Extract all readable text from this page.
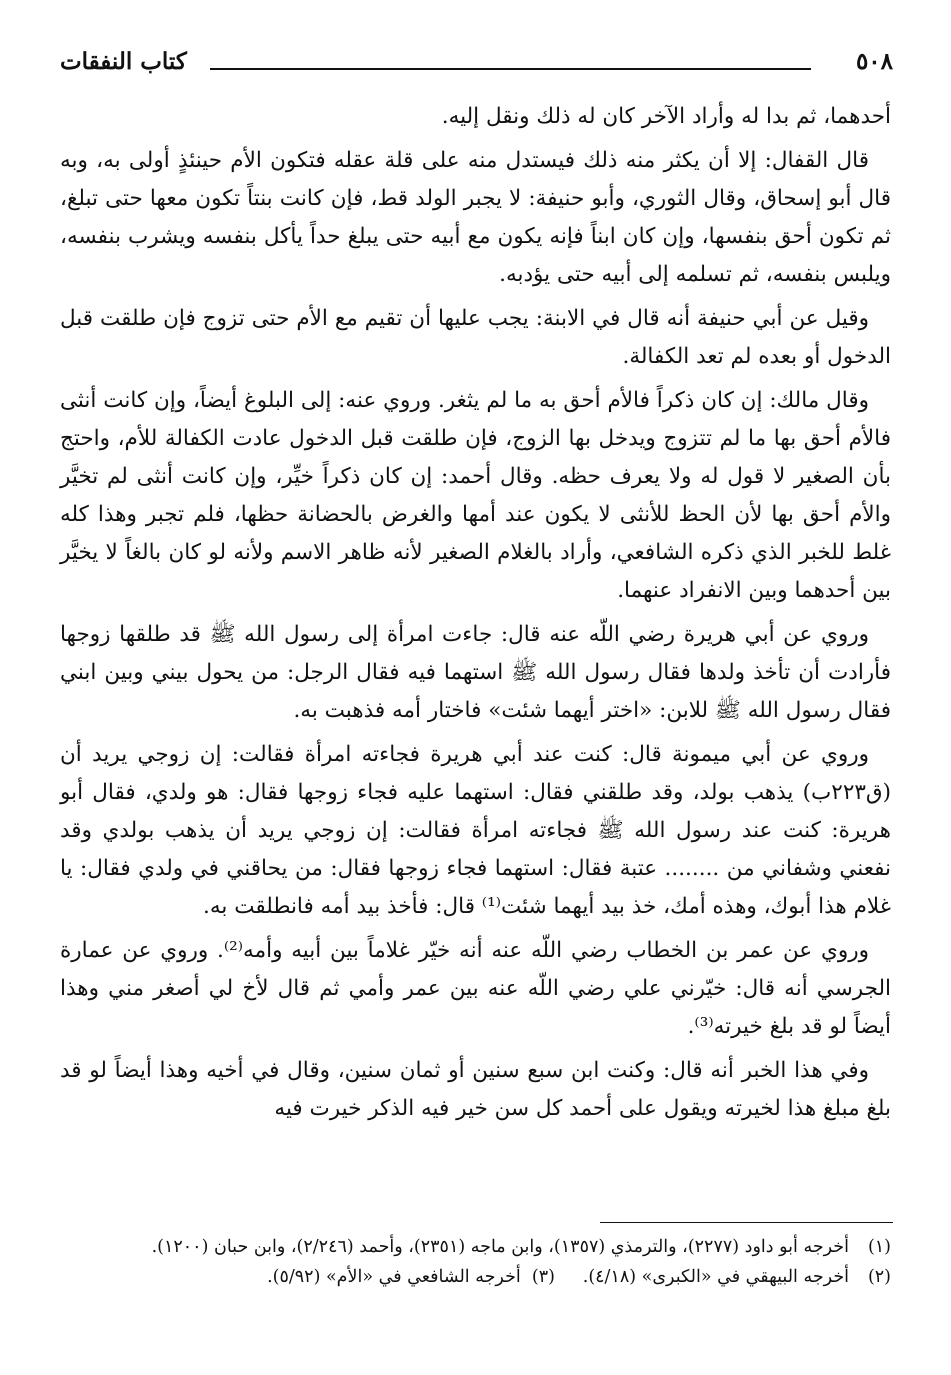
٥٠٨
كتاب النفقات

أحدهما، ثم بدا له وأراد الآخر كان له ذلك ونقل إليه.

قال القفال: إلا أن يكثر منه ذلك فيستدل منه على قلة عقله فتكون الأم حينئذٍ أولى به، وبه قال أبو إسحاق، وقال الثوري، وأبو حنيفة: لا يجبر الولد قط، فإن كانت بنتاً تكون معها حتى تبلغ، ثم تكون أحق بنفسها، وإن كان ابناً فإنه يكون مع أبيه حتى يبلغ حداً يأكل بنفسه ويشرب بنفسه، ويلبس بنفسه، ثم تسلمه إلى أبيه حتى يؤدبه.

وقيل عن أبي حنيفة أنه قال في الابنة: يجب عليها أن تقيم مع الأم حتى تزوج فإن طلقت قبل الدخول أو بعده لم تعد الكفالة.

وقال مالك: إن كان ذكراً فالأم أحق به ما لم يثغر. وروي عنه: إلى البلوغ أيضاً، وإن كانت أنثى فالأم أحق بها ما لم تتزوج ويدخل بها الزوج، فإن طلقت قبل الدخول عادت الكفالة للأم، واحتج بأن الصغير لا قول له ولا يعرف حظه. وقال أحمد: إن كان ذكراً خيِّر، وإن كانت أنثى لم تخيَّر والأم أحق بها لأن الحظ للأنثى لا يكون عند أمها والغرض بالحضانة حظها، فلم تجبر وهذا كله غلط للخبر الذي ذكره الشافعي، وأراد بالغلام الصغير لأنه ظاهر الاسم ولأنه لو كان بالغاً لا يخيَّر بين أحدهما وبين الانفراد عنهما.

وروي عن أبي هريرة رضي اللّه عنه قال: جاءت امرأة إلى رسول الله ﷺ قد طلقها زوجها فأرادت أن تأخذ ولدها فقال رسول الله ﷺ استهما فيه فقال الرجل: من يحول بيني وبين ابني فقال رسول الله ﷺ للابن: «اختر أيهما شئت» فاختار أمه فذهبت به.

وروي عن أبي ميمونة قال: كنت عند أبي هريرة فجاءته امرأة فقالت: إن زوجي يريد أن (ق٢٢٣ب) يذهب بولد، وقد طلقني فقال: استهما عليه فجاء زوجها فقال: هو ولدي، فقال أبو هريرة: كنت عند رسول الله ﷺ فجاءته امرأة فقالت: إن زوجي يريد أن يذهب بولدي وقد نفعني وشفاني من ........ عتبة فقال: استهما فجاء زوجها فقال: من يحاقني في ولدي فقال: يا غلام هذا أبوك، وهذه أمك، خذ بيد أيهما شئت⁽¹⁾ قال: فأخذ بيد أمه فانطلقت به.

وروي عن عمر بن الخطاب رضي اللّه عنه أنه خيّر غلاماً بين أبيه وأمه⁽²⁾. وروي عن عمارة الجرسي أنه قال: خيّرني علي رضي اللّه عنه بين عمر وأمي ثم قال لأخ لي أصغر مني وهذا أيضاً لو قد بلغ خيرته⁽³⁾.

وفي هذا الخبر أنه قال: وكنت ابن سبع سنين أو ثمان سنين، وقال في أخيه وهذا أيضاً لو قد بلغ مبلغ هذا لخيرته ويقول على أحمد كل سن خير فيه الذكر خيرت فيه

(١)
أخرجه أبو داود (٢٢٧٧)، والترمذي (١٣٥٧)، وابن ماجه (٢٣٥١)، وأحمد (٢/٢٤٦)، وابن حبان (١٢٠٠).
(٢)
أخرجه البيهقي في «الكبرى» (٤/١٨).     (٣)  أخرجه الشافعي في «الأم» (٥/٩٢).
